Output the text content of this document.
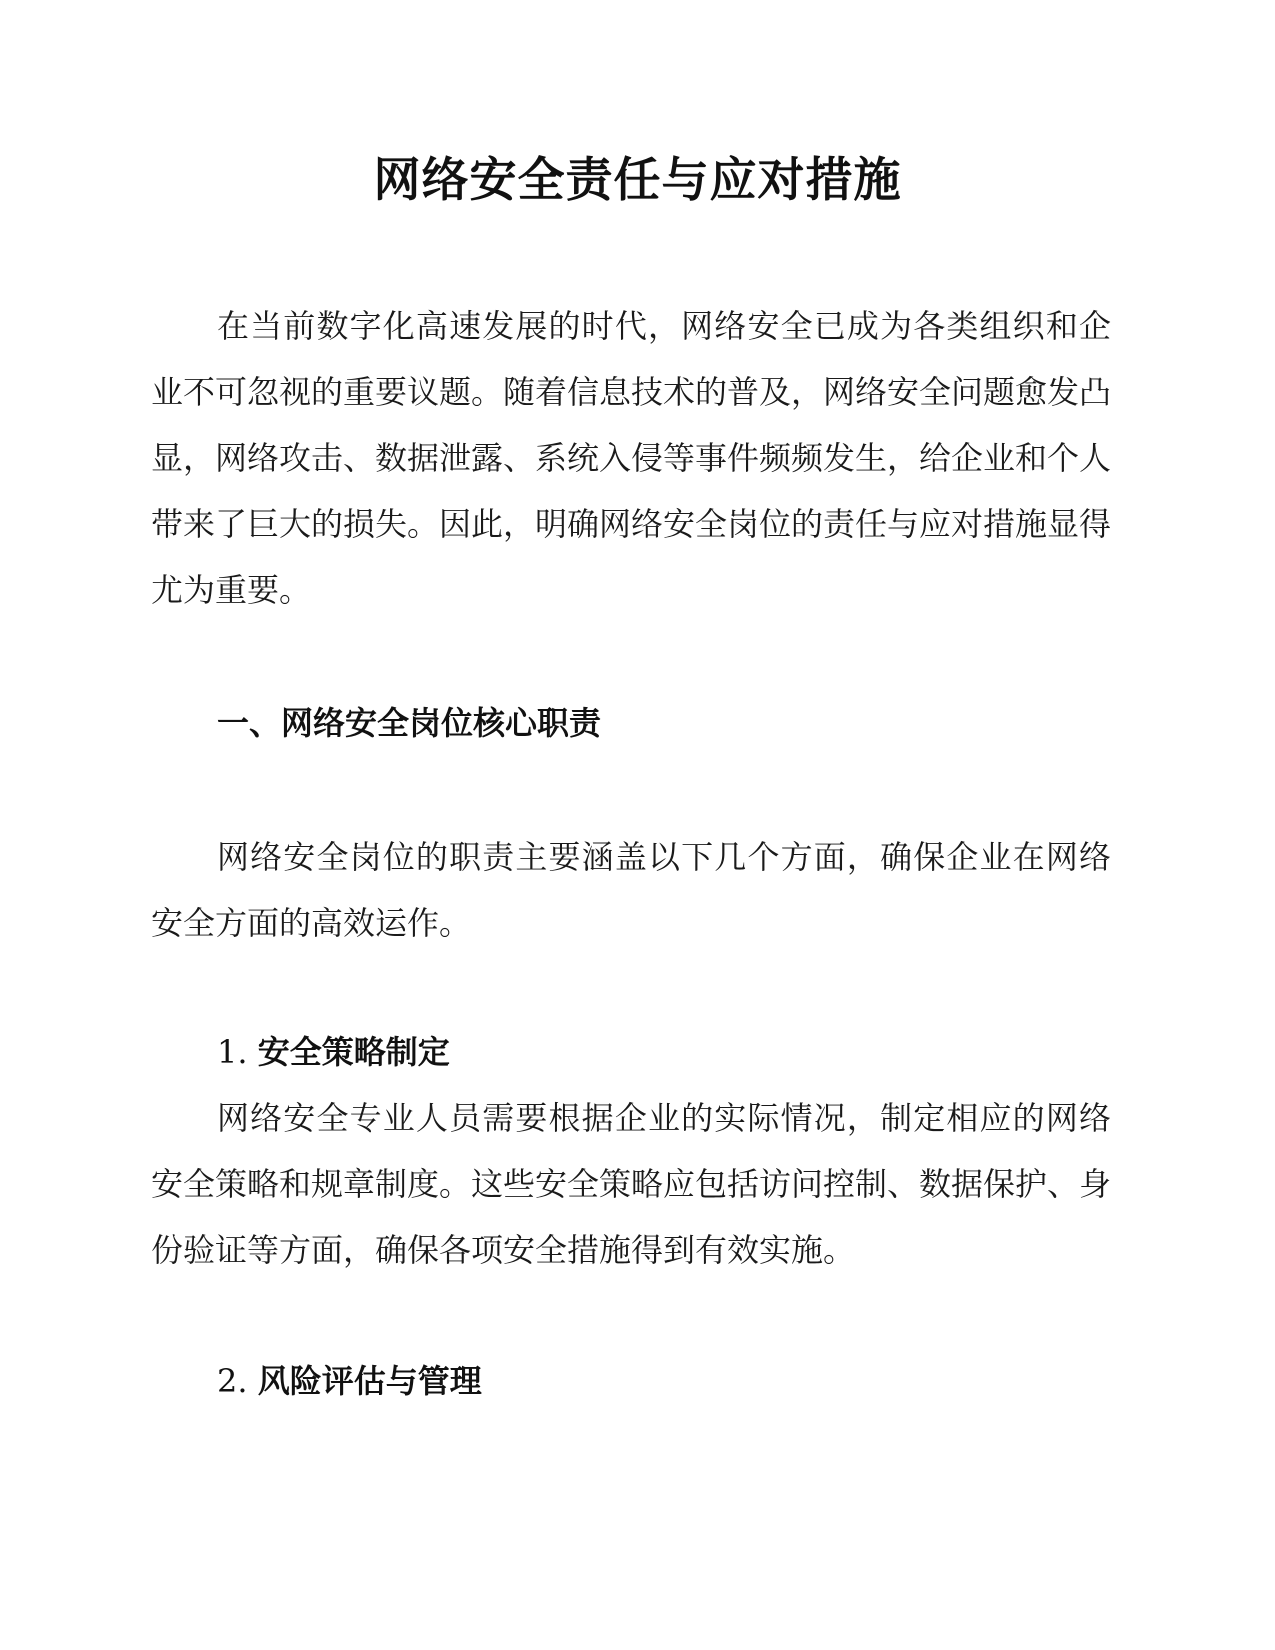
网络安全责任与应对措施

在当前数字化高速发展的时代，网络安全已成为各类组织和企业不可忽视的重要议题。随着信息技术的普及，网络安全问题愈发凸显，网络攻击、数据泄露、系统入侵等事件频频发生，给企业和个人带来了巨大的损失。因此，明确网络安全岗位的责任与应对措施显得尤为重要。

一、网络安全岗位核心职责

网络安全岗位的职责主要涵盖以下几个方面，确保企业在网络安全方面的高效运作。

1. 安全策略制定

网络安全专业人员需要根据企业的实际情况，制定相应的网络安全策略和规章制度。这些安全策略应包括访问控制、数据保护、身份验证等方面，确保各项安全措施得到有效实施。

2. 风险评估与管理
